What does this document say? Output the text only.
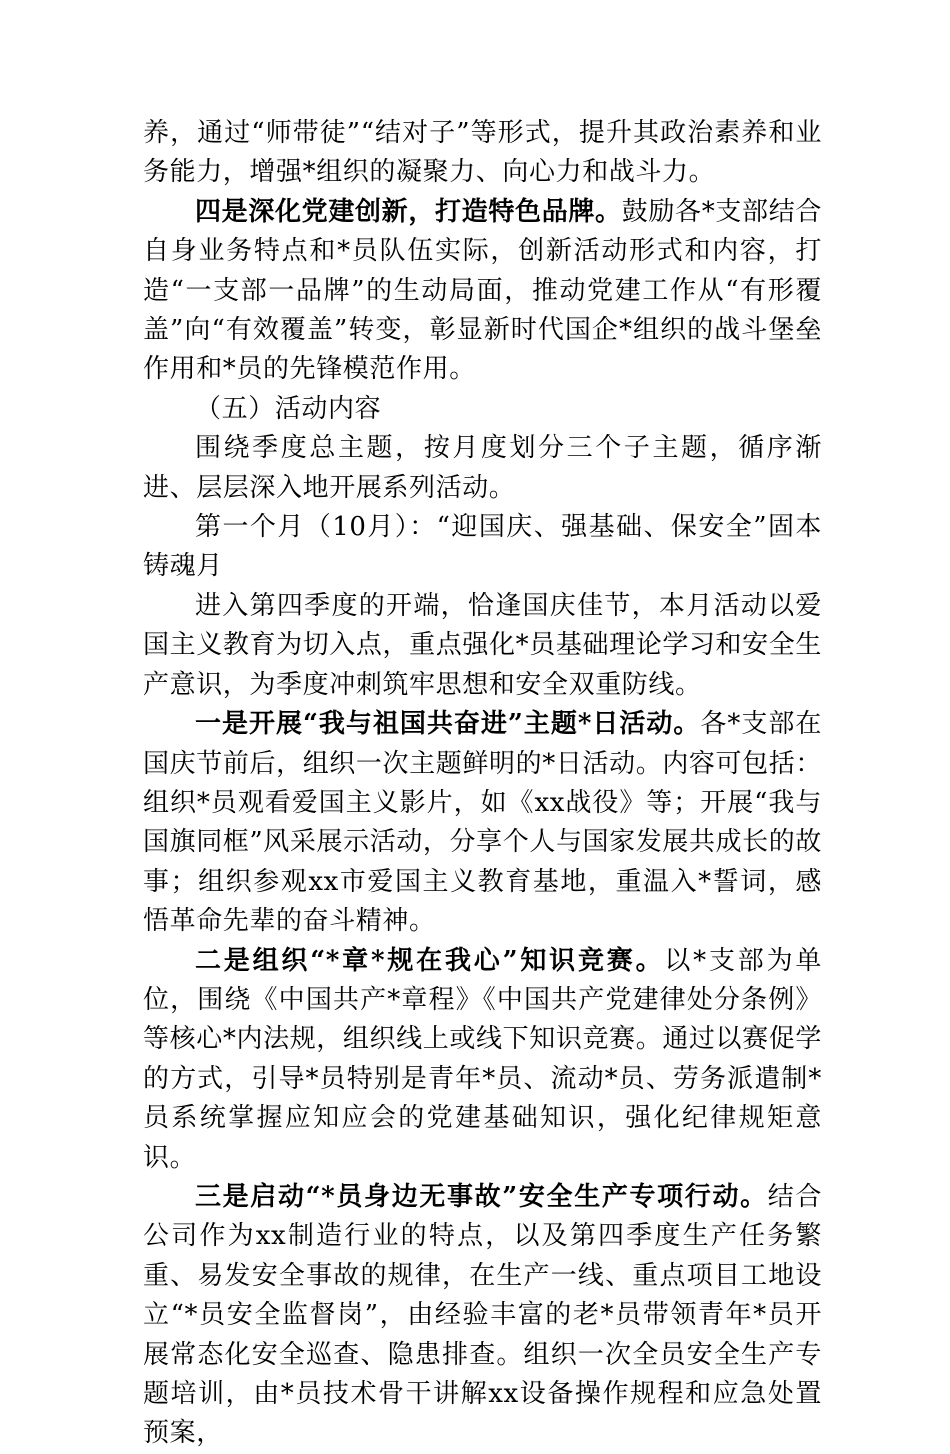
养，通过“师带徒”“结对子”等形式，提升其政治素养和业务能力，增强*组织的凝聚力、向心力和战斗力。

四是深化党建创新，打造特色品牌。鼓励各*支部结合自身业务特点和*员队伍实际，创新活动形式和内容，打造“一支部一品牌”的生动局面，推动党建工作从“有形覆盖”向“有效覆盖”转变，彰显新时代国企*组织的战斗堡垒作用和*员的先锋模范作用。

（五）活动内容

围绕季度总主题，按月度划分三个子主题，循序渐进、层层深入地开展系列活动。

第一个月（10月）：“迎国庆、强基础、保安全”固本铸魂月

进入第四季度的开端，恰逢国庆佳节，本月活动以爱国主义教育为切入点，重点强化*员基础理论学习和安全生产意识，为季度冲刺筑牢思想和安全双重防线。

一是开展“我与祖国共奋进”主题*日活动。各*支部在国庆节前后，组织一次主题鲜明的*日活动。内容可包括：组织*员观看爱国主义影片，如《xx战役》等；开展“我与国旗同框”风采展示活动，分享个人与国家发展共成长的故事；组织参观xx市爱国主义教育基地，重温入*誓词，感悟革命先辈的奋斗精神。

二是组织“*章*规在我心”知识竞赛。以*支部为单位，围绕《中国共产*章程》《中国共产党建律处分条例》等核心*内法规，组织线上或线下知识竞赛。通过以赛促学的方式，引导*员特别是青年*员、流动*员、劳务派遣制*员系统掌握应知应会的党建基础知识，强化纪律规矩意识。

三是启动“*员身边无事故”安全生产专项行动。结合公司作为xx制造行业的特点，以及第四季度生产任务繁重、易发安全事故的规律，在生产一线、重点项目工地设立“*员安全监督岗”，由经验丰富的老*员带领青年*员开展常态化安全巡查、隐患排查。组织一次全员安全生产专题培训，由*员技术骨干讲解xx设备操作规程和应急处置预案，
